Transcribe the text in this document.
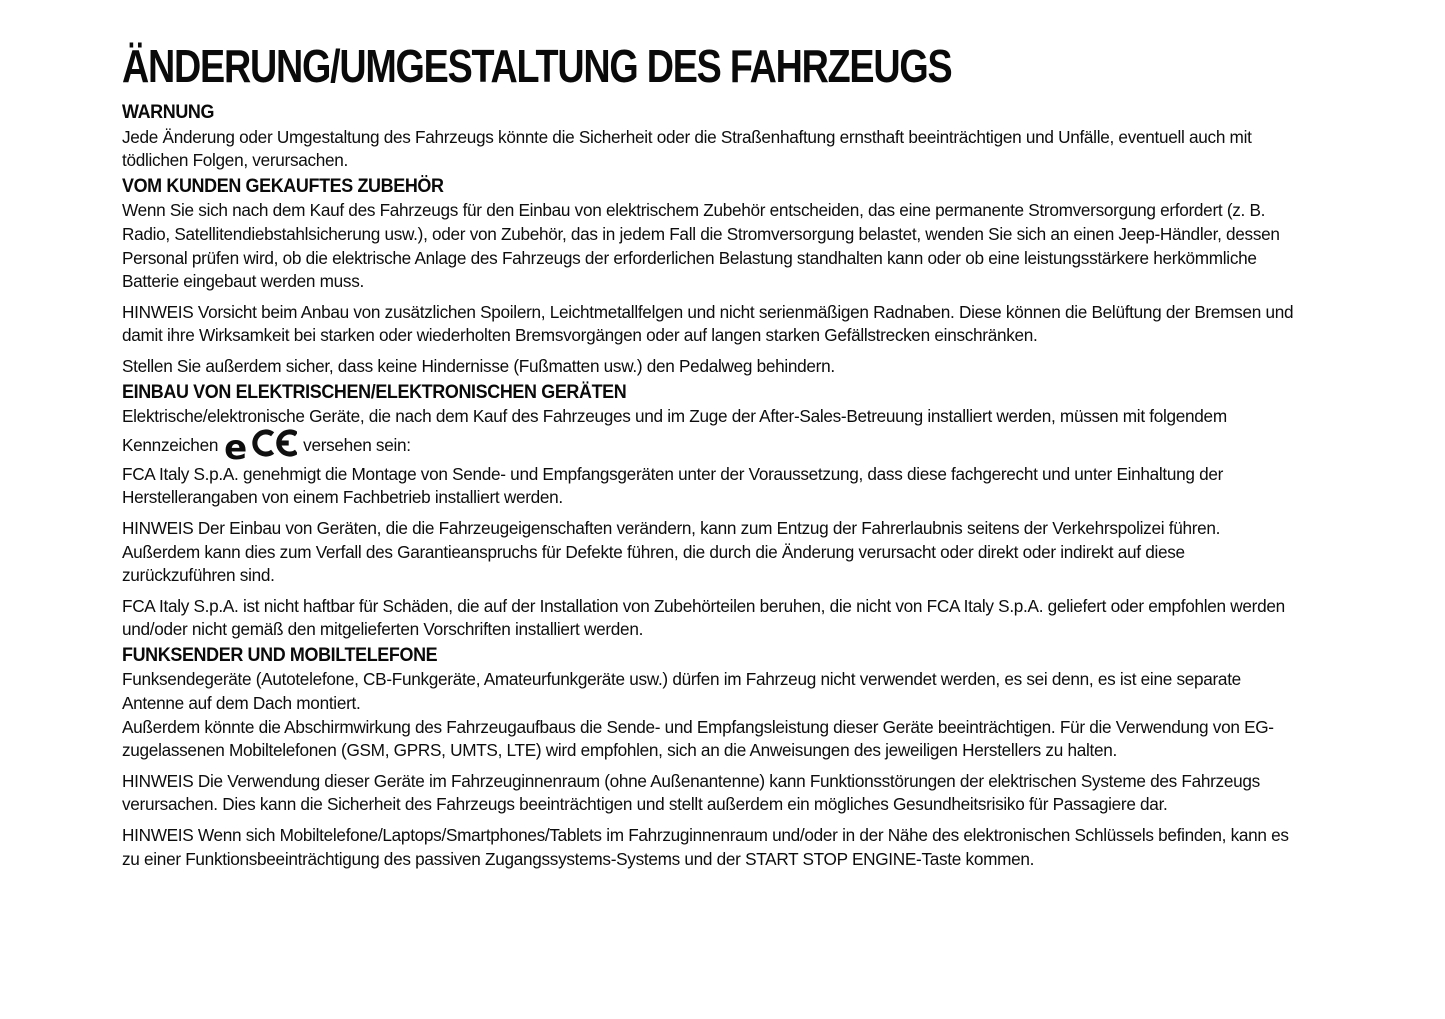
ÄNDERUNG/UMGESTALTUNG DES FAHRZEUGS
WARNUNG

Jede Änderung oder Umgestaltung des Fahrzeugs könnte die Sicherheit oder die Straßenhaftung ernsthaft beeinträchtigen und Unfälle, eventuell auch mit tödlichen Folgen, verursachen.

VOM KUNDEN GEKAUFTES ZUBEHÖR

Wenn Sie sich nach dem Kauf des Fahrzeugs für den Einbau von elektrischem Zubehör entscheiden, das eine permanente Stromversorgung erfordert (z. B. Radio, Satellitendiebstahlsicherung usw.), oder von Zubehör, das in jedem Fall die Stromversorgung belastet, wenden Sie sich an einen Jeep-Händler, dessen Personal prüfen wird, ob die elektrische Anlage des Fahrzeugs der erforderlichen Belastung standhalten kann oder ob eine leistungsstärkere herkömmliche Batterie eingebaut werden muss.

HINWEIS Vorsicht beim Anbau von zusätzlichen Spoilern, Leichtmetallfelgen und nicht serienmäßigen Radnaben. Diese können die Belüftung der Bremsen und damit ihre Wirksamkeit bei starken oder wiederholten Bremsvorgängen oder auf langen starken Gefällstrecken einschränken.

Stellen Sie außerdem sicher, dass keine Hindernisse (Fußmatten usw.) den Pedalweg behindern.

EINBAU VON ELEKTRISCHEN/ELEKTRONISCHEN GERÄTEN

Elektrische/elektronische Geräte, die nach dem Kauf des Fahrzeuges und im Zuge der After-Sales-Betreuung installiert werden, müssen mit folgendem Kennzeichen e	versehen sein:

FCA Italy S.p.A. genehmigt die Montage von Sende- und Empfangsgeräten unter der Voraussetzung, dass diese fachgerecht und unter Einhaltung der Herstellerangaben von einem Fachbetrieb installiert werden.

HINWEIS Der Einbau von Geräten, die die Fahrzeugeigenschaften verändern, kann zum Entzug der Fahrerlaubnis seitens der Verkehrspolizei führen. Außerdem kann dies zum Verfall des Garantieanspruchs für Defekte führen, die durch die Änderung verursacht oder direkt oder indirekt auf diese zurückzuführen sind.

FCA Italy S.p.A. ist nicht haftbar für Schäden, die auf der Installation von Zubehörteilen beruhen, die nicht von FCA Italy S.p.A. geliefert oder empfohlen werden und/oder nicht gemäß den mitgelieferten Vorschriften installiert werden.

FUNKSENDER UND MOBILTELEFONE

Funksendegeräte (Autotelefone, CB-Funkgeräte, Amateurfunkgeräte usw.) dürfen im Fahrzeug nicht verwendet werden, es sei denn, es ist eine separate Antenne auf dem Dach montiert.

Außerdem könnte die Abschirmwirkung des Fahrzeugaufbaus die Sende- und Empfangsleistung dieser Geräte beeinträchtigen. Für die Verwendung von EG-zugelassenen Mobiltelefonen (GSM, GPRS, UMTS, LTE) wird empfohlen, sich an die Anweisungen des jeweiligen Herstellers zu halten.

HINWEIS Die Verwendung dieser Geräte im Fahrzeuginnenraum (ohne Außenantenne) kann Funktionsstörungen der elektrischen Systeme des Fahrzeugs verursachen. Dies kann die Sicherheit des Fahrzeugs beeinträchtigen und stellt außerdem ein mögliches Gesundheitsrisiko für Passagiere dar.

HINWEIS Wenn sich Mobiltelefone/Laptops/Smartphones/Tablets im Fahrzuginnenraum und/oder in der Nähe des elektronischen Schlüssels befinden, kann es zu einer Funktionsbeeinträchtigung des passiven Zugangssystems-Systems und der START STOP ENGINE-Taste kommen.
